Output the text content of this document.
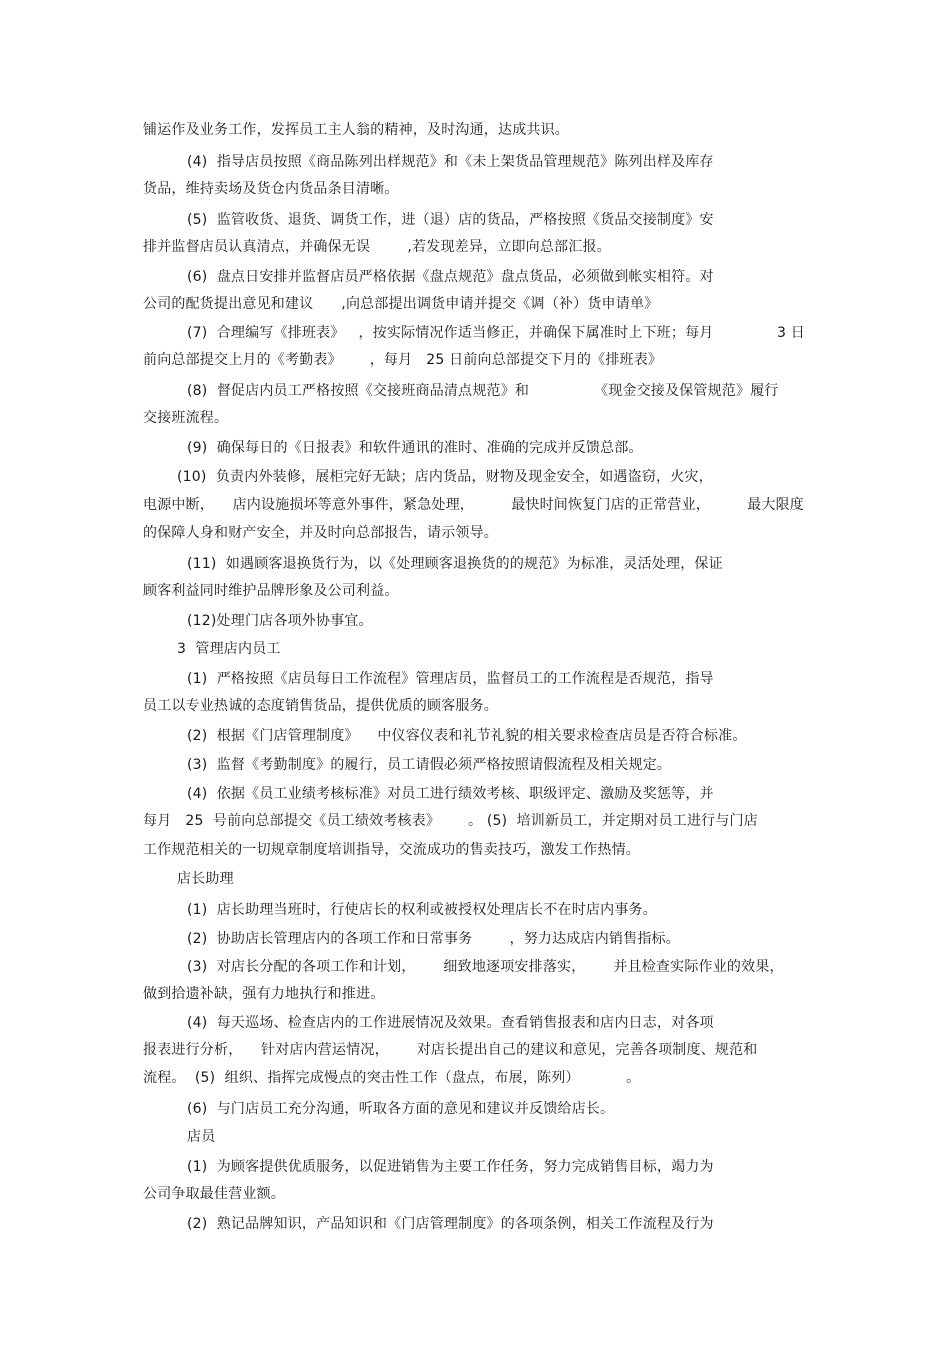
铺运作及业务工作，发挥员工主人翁的精神，及时沟通，达成共识。
(4)  指导店员按照《商品陈列出样规范》和《未上架货品管理规范》陈列出样及库存
货品，维持卖场及货仓内货品条目清晰。
(5)  监管收货、退货、调货工作，进（退）店的货品，严格按照《货品交接制度》安
排并监督店员认真清点，并确保无误        ,若发现差异，立即向总部汇报。
(6)  盘点日安排并监督店员严格依据《盘点规范》盘点货品，必须做到帐实相符。对
公司的配货提出意见和建议      ,向总部提出调货申请并提交《调（补）货申请单》
(7)  合理编写《排班表》   ，按实际情况作适当修正，并确保下属准时上下班；每月	3 日
前向总部提交上月的《考勤表》      ，每月   25 日前向总部提交下月的《排班表》
(8)  督促店内员工严格按照《交接班商品清点规范》和	《现金交接及保管规范》履行
交接班流程。
(9)  确保每日的《日报表》和软件通讯的准时、准确的完成并反馈总部。
(10)  负责内外装修，展柜完好无缺；店内货品，财物及现金安全，如遇盗窃，火灾，
电源中断，    店内设施损坏等意外事件，紧急处理，        最快时间恢复门店的正常营业，        最大限度
的保障人身和财产安全，并及时向总部报告，请示领导。
(11)  如遇顾客退换货行为，以《处理顾客退换货的的规范》为标准，灵活处理，保证
顾客利益同时维护品牌形象及公司利益。
(12)处理门店各项外协事宜。
3  管理店内员工
(1)  严格按照《店员每日工作流程》管理店员，监督员工的工作流程是否规范，指导
员工以专业热诚的态度销售货品，提供优质的顾客服务。
(2)  根据《门店管理制度》    中仪容仪表和礼节礼貌的相关要求检查店员是否符合标准。
(3)  监督《考勤制度》的履行，员工请假必须严格按照请假流程及相关规定。
(4)  依据《员工业绩考核标准》对员工进行绩效考核、职级评定、激励及奖惩等，并
每月   25  号前向总部提交《员工绩效考核表》      。 (5)  培训新员工，并定期对员工进行与门店
工作规范相关的一切规章制度培训指导，交流成功的售卖技巧，激发工作热情。
店长助理
(1)  店长助理当班时，行使店长的权利或被授权处理店长不在时店内事务。
(2)  协助店长管理店内的各项工作和日常事务        ，努力达成店内销售指标。
(3)  对店长分配的各项工作和计划，      细致地逐项安排落实，      并且检查实际作业的效果，
做到拾遗补缺，强有力地执行和推进。
(4)  每天巡场、检查店内的工作进展情况及效果。查看销售报表和店内日志，对各项
报表进行分析，    针对店内营运情况，      对店长提出自己的建议和意见，完善各项制度、规范和
流程。  (5)  组织、指挥完成慢点的突击性工作（盘点，布展，陈列）          。
(6)  与门店员工充分沟通，听取各方面的意见和建议并反馈给店长。
店员
(1)  为顾客提供优质服务，以促进销售为主要工作任务，努力完成销售目标，竭力为
公司争取最佳营业额。
(2)  熟记品牌知识，产品知识和《门店管理制度》的各项条例，相关工作流程及行为
